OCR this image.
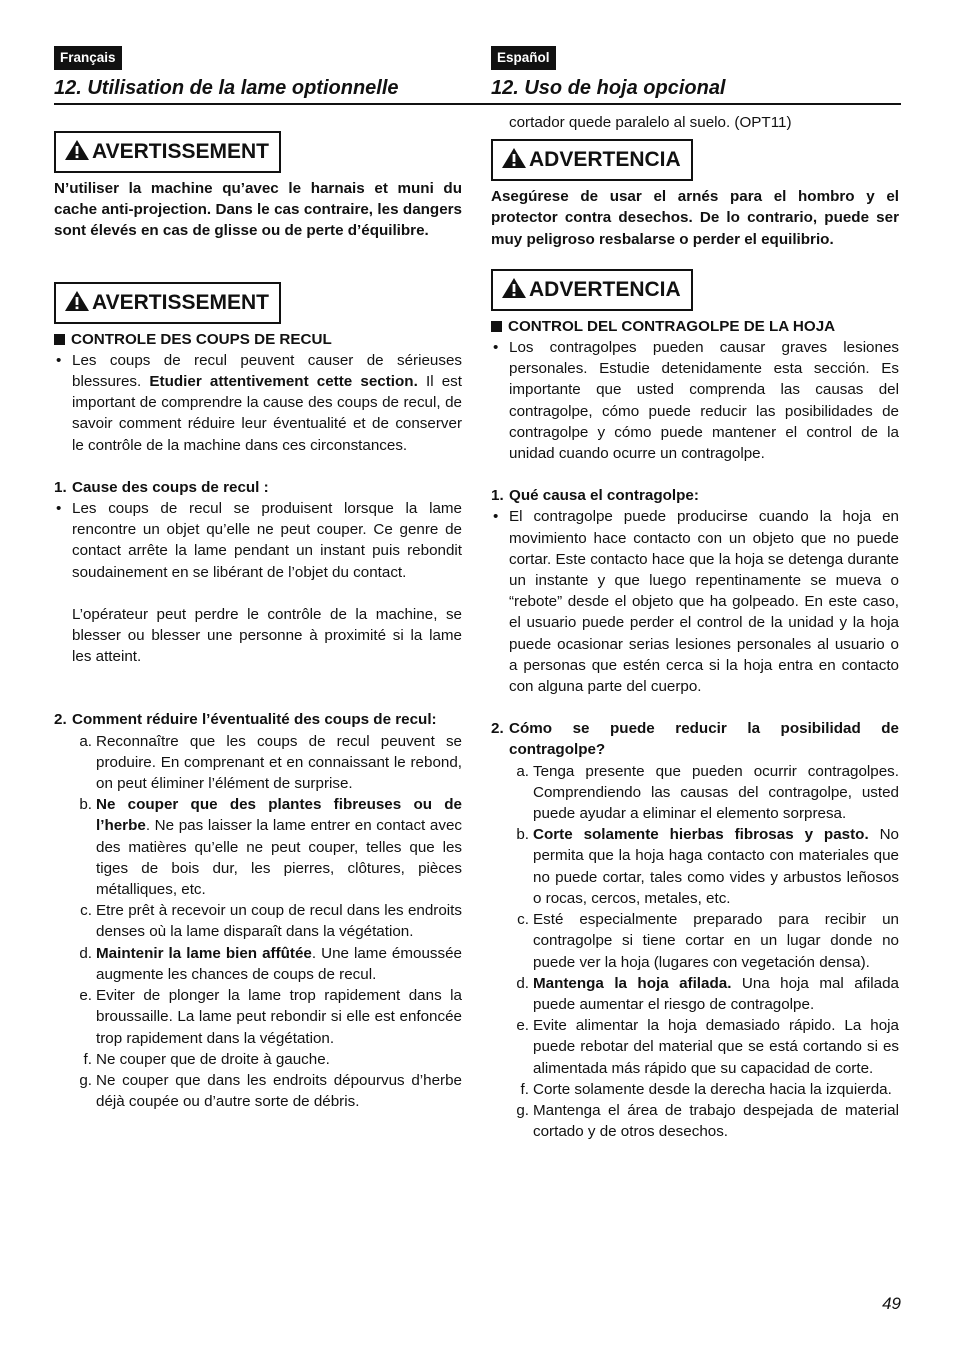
Français
12. Utilisation de la lame optionnelle
AVERTISSEMENT

N’utiliser la machine qu’avec le harnais et muni du cache anti-projection. Dans le cas contraire, les dangers sont élevés en cas de glisse ou de perte d’équilibre.

AVERTISSEMENT

CONTROLE DES COUPS DE RECUL

• Les coups de recul peuvent causer de sérieuses blessures. Etudier attentivement cette section. Il est important de comprendre la cause des coups de recul, de savoir comment réduire leur éventualité et de conserver le contrôle de la machine dans ces circonstances.
1. Cause des coups de recul :
• Les coups de recul se produisent lorsque la lame rencontre un objet qu’elle ne peut couper. Ce genre de contact arrête la lame pendant un instant puis rebondit soudainement en se libérant de l’objet du contact.
L’opérateur peut perdre le contrôle de la machine, se blesser ou blesser une personne à proximité si la lame les atteint.
2. Comment réduire l’éventualité des coups de recul:
a. Reconnaître que les coups de recul peuvent se produire. En comprenant et en connaissant le rebond, on peut éliminer l’élément de surprise.
b. Ne couper que des plantes fibreuses ou de l’herbe. Ne pas laisser la lame entrer en contact avec des matières qu’elle ne peut couper, telles que les tiges de bois dur, les pierres, clôtures, pièces métalliques, etc.
c. Etre prêt à recevoir un coup de recul dans les endroits denses où la lame disparaît dans la végétation.
d. Maintenir la lame bien affûtée. Une lame émoussée augmente les chances de coups de recul.
e. Eviter de plonger la lame trop rapidement dans la broussaille. La lame peut rebondir si elle est enfoncée trop rapidement dans la végétation.
f. Ne couper que de droite à gauche.
g. Ne couper que dans les endroits dépourvus d’herbe déjà coupée ou d’autre sorte de débris.
Español
12. Uso de hoja opcional

cortador quede paralelo al suelo. (OPT11)

ADVERTENCIA

Asegúrese de usar el arnés para el hombro y el protector contra desechos. De lo contrario, puede ser muy peligroso resbalarse o perder el equilibrio.

ADVERTENCIA

CONTROL DEL CONTRAGOLPE DE LA HOJA

• Los contragolpes pueden causar graves lesiones personales. Estudie detenidamente esta sección. Es importante que usted comprenda las causas del contragolpe, cómo puede reducir las posibilidades de contragolpe y cómo puede mantener el control de la unidad cuando ocurre un contragolpe.
1. Qué causa el contragolpe:
• El contragolpe puede producirse cuando la hoja en movimiento hace contacto con un objeto que no puede cortar. Este contacto hace que la hoja se detenga durante un instante y que luego repentinamente se mueva o “rebote” desde el objeto que ha golpeado. En este caso, el usuario puede perder el control de la unidad y la hoja puede ocasionar serias lesiones personales al usuario o a personas que estén cerca si la hoja entra en contacto con alguna parte del cuerpo.
2. Cómo se puede reducir la posibilidad de contragolpe?
a. Tenga presente que pueden ocurrir contragolpes. Comprendiendo las causas del contragolpe, usted puede ayudar a eliminar el elemento sorpresa.
b. Corte solamente hierbas fibrosas y pasto. No permita que la hoja haga contacto con materiales que no puede cortar, tales como vides y arbustos leñosos o rocas, cercos, metales, etc.
c. Esté especialmente preparado para recibir un contragolpe si tiene cortar en un lugar donde no puede ver la hoja (lugares con vegetación densa).
d. Mantenga la hoja afilada. Una hoja mal afilada puede aumentar el riesgo de contragolpe.
e. Evite alimentar la hoja demasiado rápido. La hoja puede rebotar del material que se está cortando si es alimentada más rápido que su capacidad de corte.
f. Corte solamente desde la derecha hacia la izquierda.
g. Mantenga el área de trabajo despejada de material cortado y de otros desechos.
49
